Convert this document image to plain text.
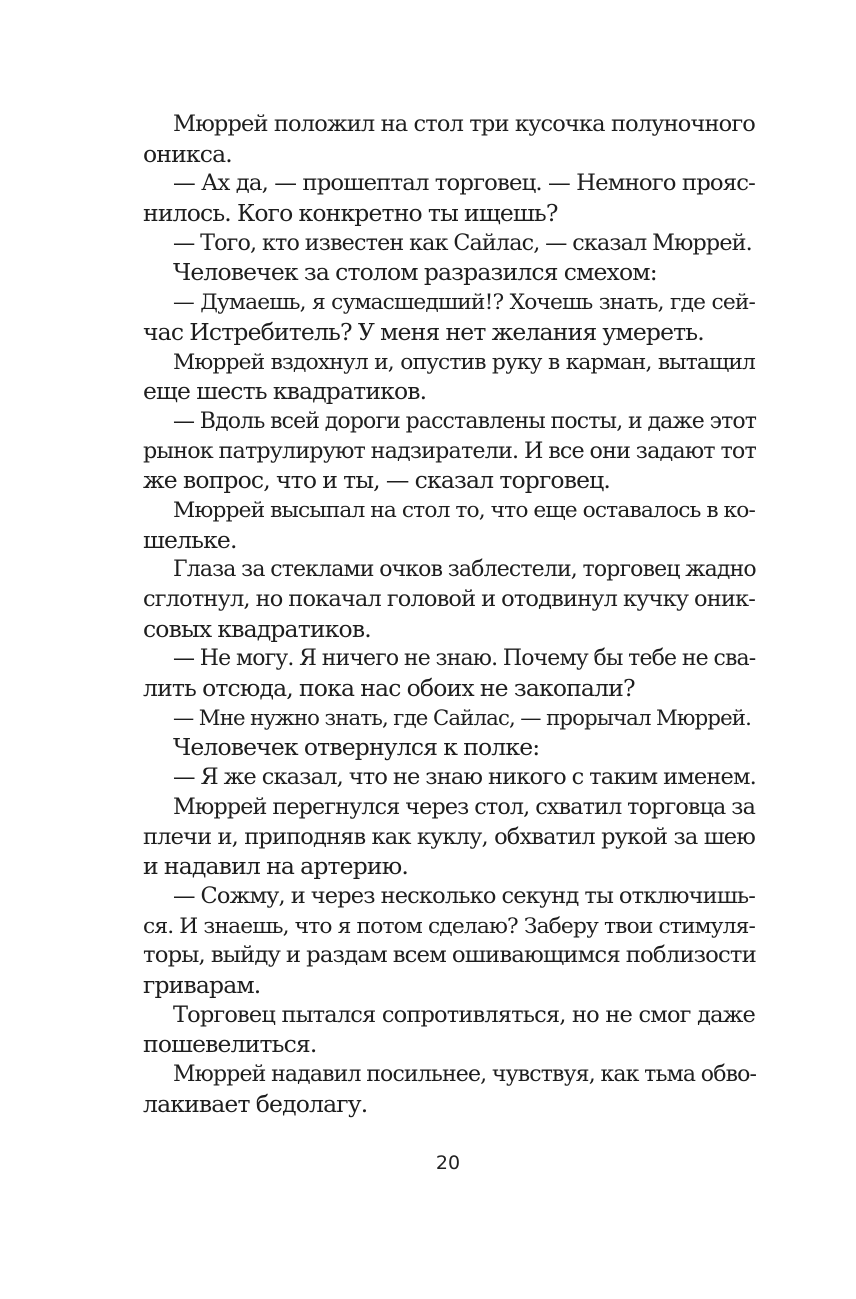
Мюррей положил на стол три кусочка полуночного
оникса.
— Ах да, — прошептал торговец. — Немного прояс-
нилось. Кого конкретно ты ищешь?
— Того, кто известен как Сайлас, — сказал Мюррей.
Человечек за столом разразился смехом:
— Думаешь, я сумасшедший!? Хочешь знать, где сей-
час Истребитель? У меня нет желания умереть.
Мюррей вздохнул и, опустив руку в карман, вытащил
еще шесть квадратиков.
— Вдоль всей дороги расставлены посты, и даже этот
рынок патрулируют надзиратели. И все они задают тот
же вопрос, что и ты, — сказал торговец.
Мюррей высыпал на стол то, что еще оставалось в ко-
шельке.
Глаза за стеклами очков заблестели, торговец жадно
сглотнул, но покачал головой и отодвинул кучку оник-
совых квадратиков.
— Не могу. Я ничего не знаю. Почему бы тебе не сва-
лить отсюда, пока нас обоих не закопали?
— Мне нужно знать, где Сайлас, — прорычал Мюррей.
Человечек отвернулся к полке:
— Я же сказал, что не знаю никого с таким именем.
Мюррей перегнулся через стол, схватил торговца за
плечи и, приподняв как куклу, обхватил рукой за шею
и надавил на артерию.
— Сожму, и через несколько секунд ты отключишь-
ся. И знаешь, что я потом сделаю? Заберу твои стимуля-
торы, выйду и раздам всем ошивающимся поблизости
гриварам.
Торговец пытался сопротивляться, но не смог даже
пошевелиться.
Мюррей надавил посильнее, чувствуя, как тьма обво-
лакивает бедолагу.
20
